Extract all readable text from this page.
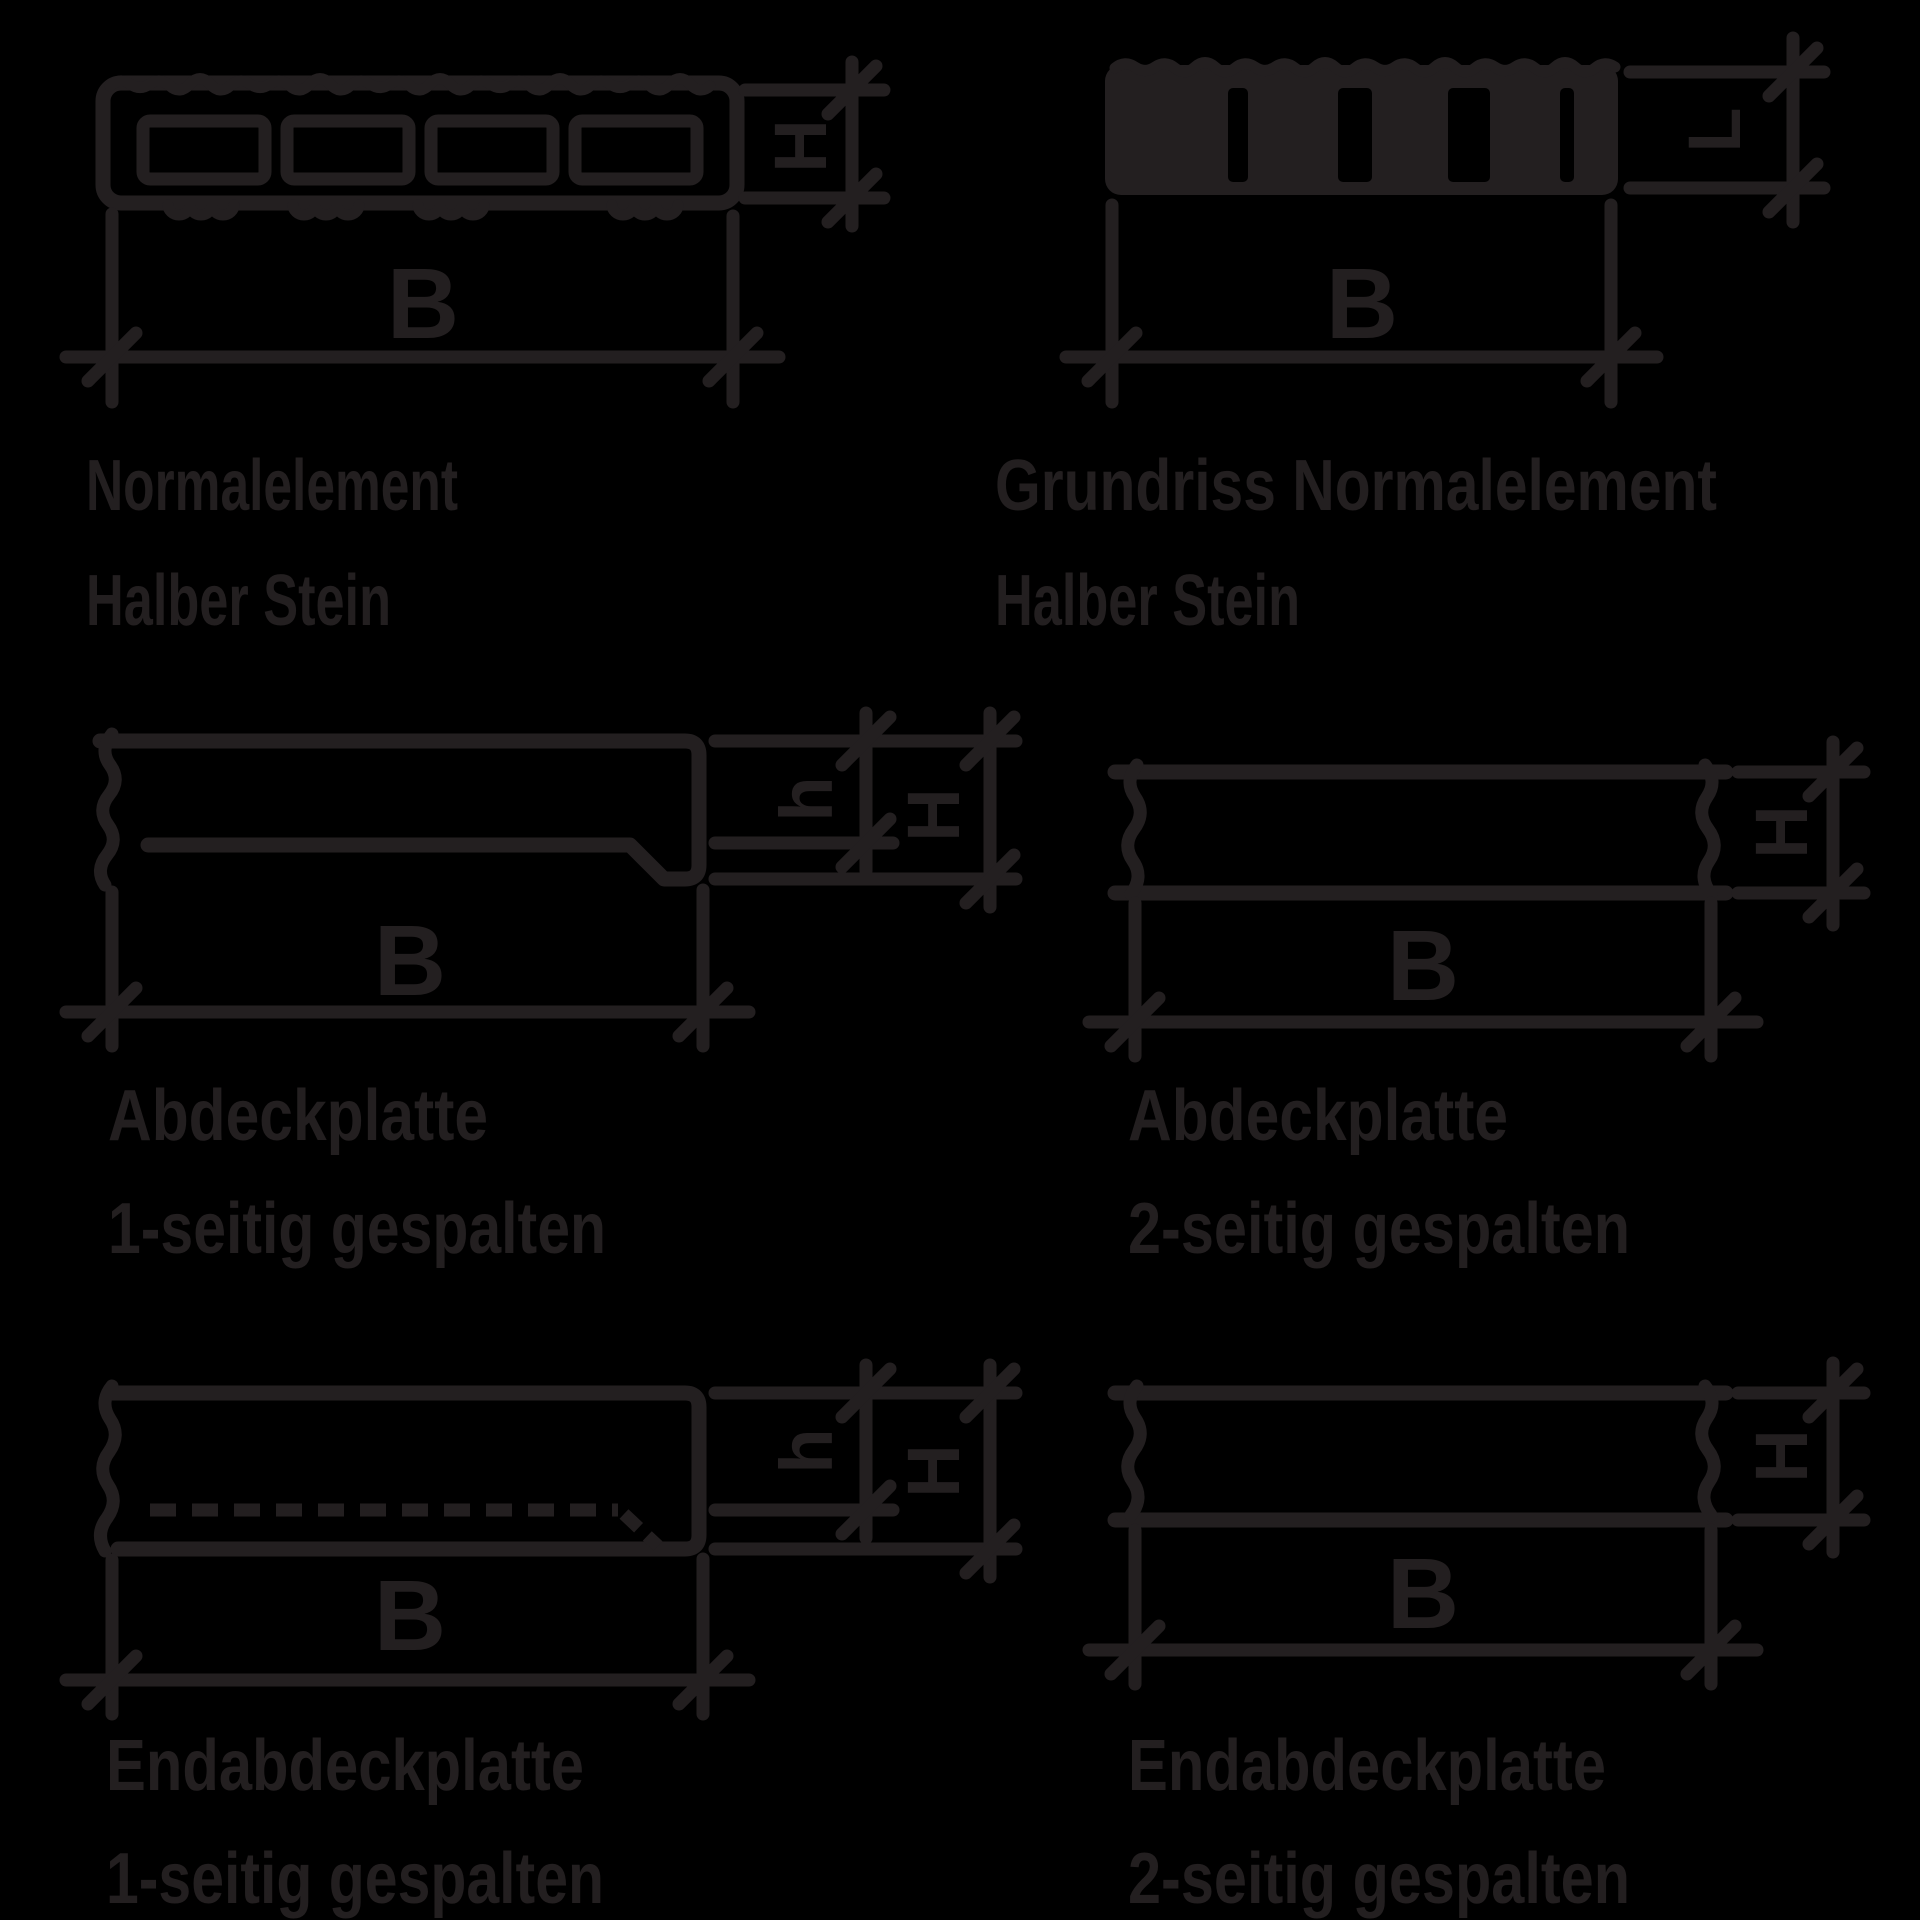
H
B
Normalelement
Halber Stein
L
B
Grundriss Normalelement
Halber Stein
h H
B
Abdeckplatte
1-seitig gespalten
H
B
Abdeckplatte
2-seitig gespalten
h H
B
Endabdeckplatte
1-seitig gespalten
H
B
Endabdeckplatte
2-seitig gespalten
